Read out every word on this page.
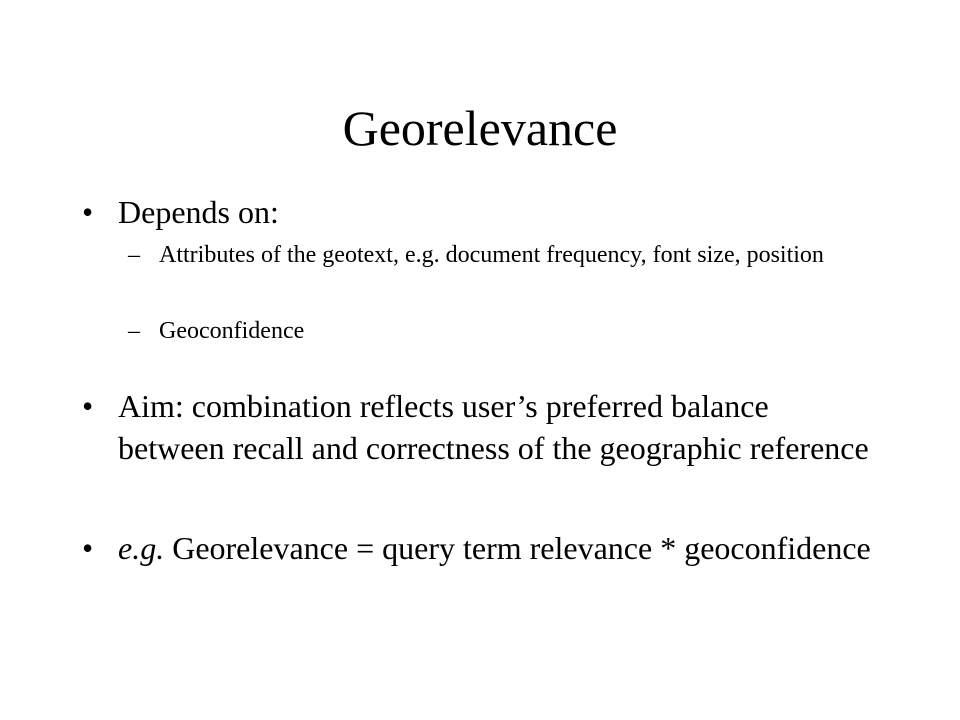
Georelevance
• Depends on:
– Attributes of the geotext, e.g. document frequency, font size, position
– Geoconfidence
• Aim: combination reflects user’s preferred balance between recall and correctness of the geographic reference
• e.g. Georelevance = query term relevance * geoconfidence
